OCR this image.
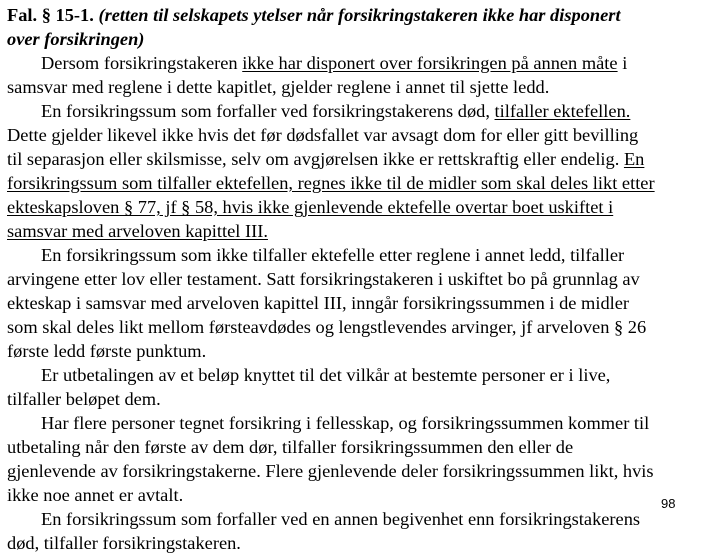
Fal. § 15-1. (retten til selskapets ytelser når forsikringstakeren ikke har disponert
over forsikringen)
Dersom forsikringstakeren ikke har disponert over forsikringen på annen måte i
samsvar med reglene i dette kapitlet, gjelder reglene i annet til sjette ledd.
En forsikringssum som forfaller ved forsikringstakerens død, tilfaller ektefellen.
Dette gjelder likevel ikke hvis det før dødsfallet var avsagt dom for eller gitt bevilling
til separasjon eller skilsmisse, selv om avgjørelsen ikke er rettskraftig eller endelig. En
forsikringssum som tilfaller ektefellen, regnes ikke til de midler som skal deles likt etter
ekteskapsloven § 77, jf § 58, hvis ikke gjenlevende ektefelle overtar boet uskiftet i
samsvar med arveloven kapittel III.
En forsikringssum som ikke tilfaller ektefelle etter reglene i annet ledd, tilfaller
arvingene etter lov eller testament. Satt forsikringstakeren i uskiftet bo på grunnlag av
ekteskap i samsvar med arveloven kapittel III, inngår forsikringssummen i de midler
som skal deles likt mellom førsteavdødes og lengstlevendes arvinger, jf arveloven § 26
første ledd første punktum.
Er utbetalingen av et beløp knyttet til det vilkår at bestemte personer er i live,
tilfaller beløpet dem.
Har flere personer tegnet forsikring i fellesskap, og forsikringssummen kommer til
utbetaling når den første av dem dør, tilfaller forsikringssummen den eller de
gjenlevende av forsikringstakerne. Flere gjenlevende deler forsikringssummen likt, hvis
ikke noe annet er avtalt.
En forsikringssum som forfaller ved en annen begivenhet enn forsikringstakerens
død, tilfaller forsikringstakeren.
98
